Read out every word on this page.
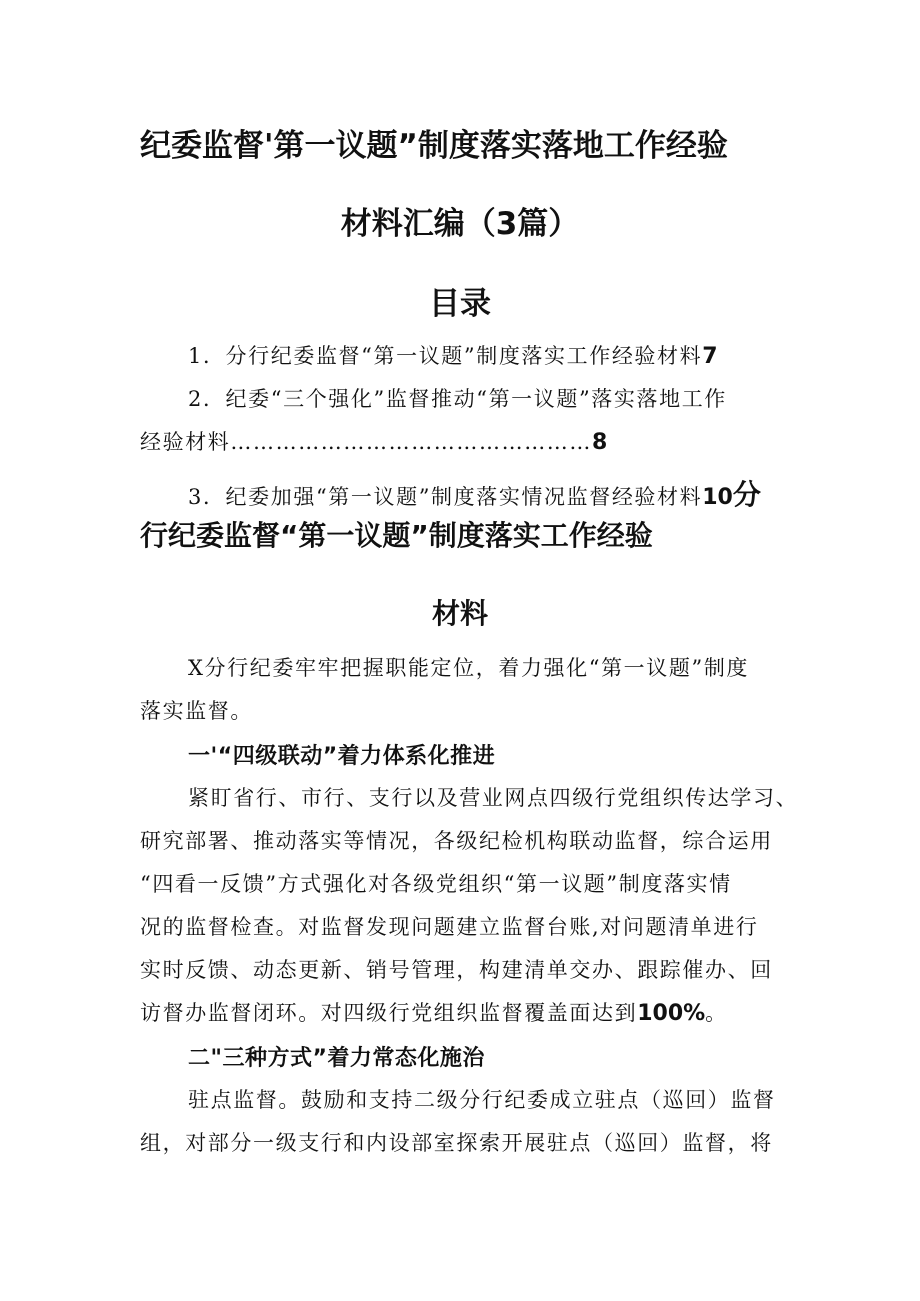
纪委监督'第一议题”制度落实落地工作经验

材料汇编（3篇）

目录

1．分行纪委监督“第一议题”制度落实工作经验材料7

2．纪委“三个强化”监督推动“第一议题”落实落地工作

经验材料…………………………………………8

3．纪委加强“第一议题”制度落实情况监督经验材料10分

行纪委监督“第一议题”制度落实工作经验

材料

X分行纪委牢牢把握职能定位，着力强化“第一议题”制度

落实监督。

一'“四级联动”着力体系化推进

紧盯省行、市行、支行以及营业网点四级行党组织传达学习、

研究部署、推动落实等情况，各级纪检机构联动监督，综合运用

“四看一反馈”方式强化对各级党组织“第一议题”制度落实情

况的监督检查。对监督发现问题建立监督台账,对问题清单进行

实时反馈、动态更新、销号管理，构建清单交办、跟踪催办、回

访督办监督闭环。对四级行党组织监督覆盖面达到100%。

二"三种方式”着力常态化施治

驻点监督。鼓励和支持二级分行纪委成立驻点（巡回）监督

组，对部分一级支行和内设部室探索开展驻点（巡回）监督，将
